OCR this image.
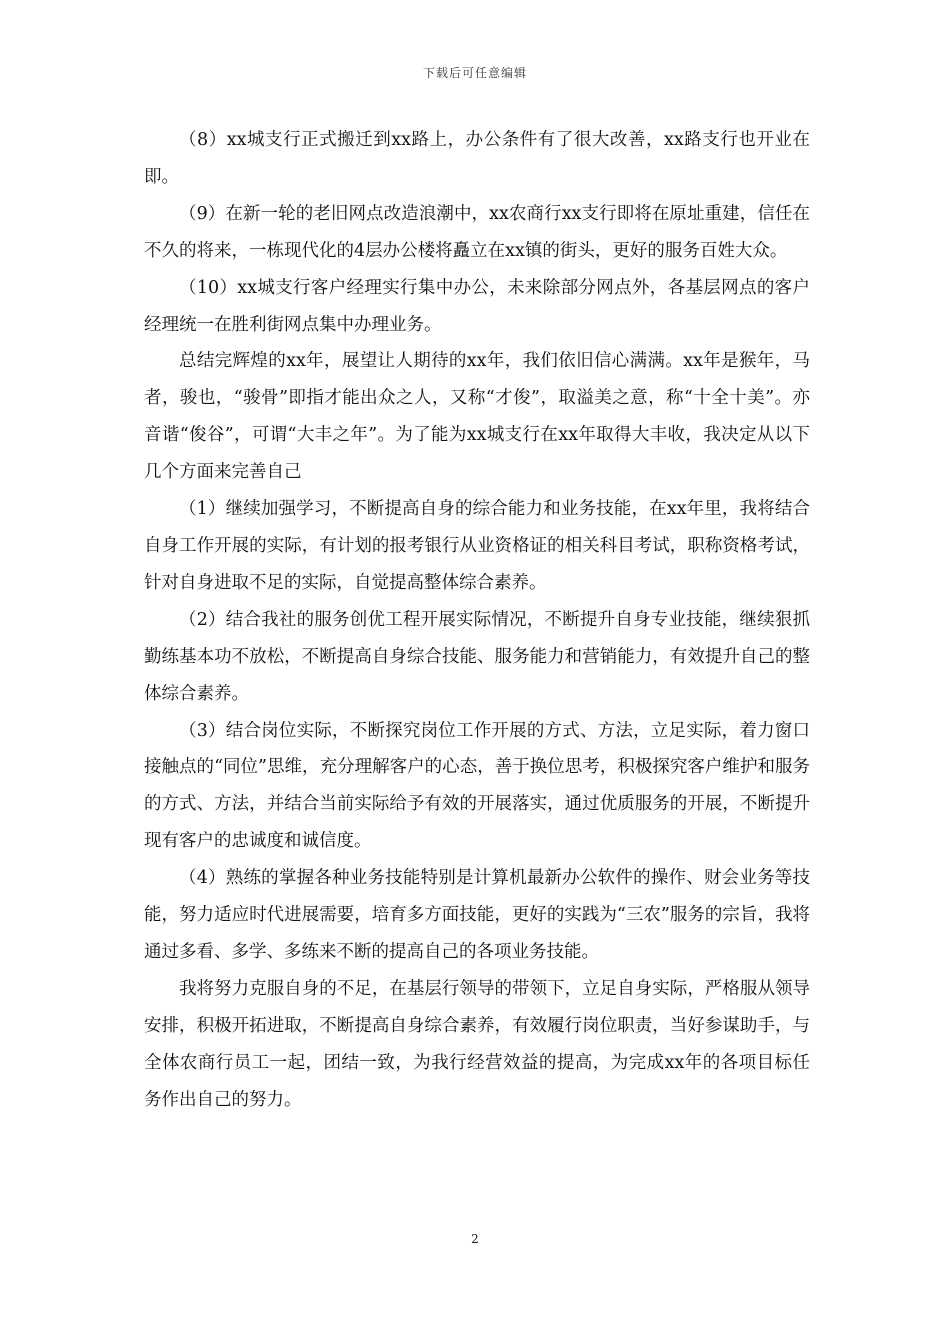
下载后可任意编辑

（8）xx城支行正式搬迁到xx路上，办公条件有了很大改善，xx路支行也开业在即。

（9）在新一轮的老旧网点改造浪潮中，xx农商行xx支行即将在原址重建，信任在不久的将来，一栋现代化的4层办公楼将矗立在xx镇的街头，更好的服务百姓大众。

（10）xx城支行客户经理实行集中办公，未来除部分网点外，各基层网点的客户经理统一在胜利街网点集中办理业务。

总结完辉煌的xx年，展望让人期待的xx年，我们依旧信心满满。xx年是猴年，马者，骏也，“骏骨”即指才能出众之人，又称“才俊”，取溢美之意，称“十全十美”。亦音谐“俊谷”，可谓“大丰之年”。为了能为xx城支行在xx年取得大丰收，我决定从以下几个方面来完善自己

（1）继续加强学习，不断提高自身的综合能力和业务技能，在xx年里，我将结合自身工作开展的实际，有计划的报考银行从业资格证的相关科目考试，职称资格考试，针对自身进取不足的实际，自觉提高整体综合素养。

（2）结合我社的服务创优工程开展实际情况，不断提升自身专业技能，继续狠抓勤练基本功不放松，不断提高自身综合技能、服务能力和营销能力，有效提升自己的整体综合素养。

（3）结合岗位实际，不断探究岗位工作开展的方式、方法，立足实际，着力窗口接触点的“同位”思维，充分理解客户的心态，善于换位思考，积极探究客户维护和服务的方式、方法，并结合当前实际给予有效的开展落实，通过优质服务的开展，不断提升现有客户的忠诚度和诚信度。

（4）熟练的掌握各种业务技能特别是计算机最新办公软件的操作、财会业务等技能，努力适应时代进展需要，培育多方面技能，更好的实践为“三农”服务的宗旨，我将通过多看、多学、多练来不断的提高自己的各项业务技能。

我将努力克服自身的不足，在基层行领导的带领下，立足自身实际，严格服从领导安排，积极开拓进取，不断提高自身综合素养，有效履行岗位职责，当好参谋助手，与全体农商行员工一起，团结一致，为我行经营效益的提高，为完成xx年的各项目标任务作出自己的努力。

2
